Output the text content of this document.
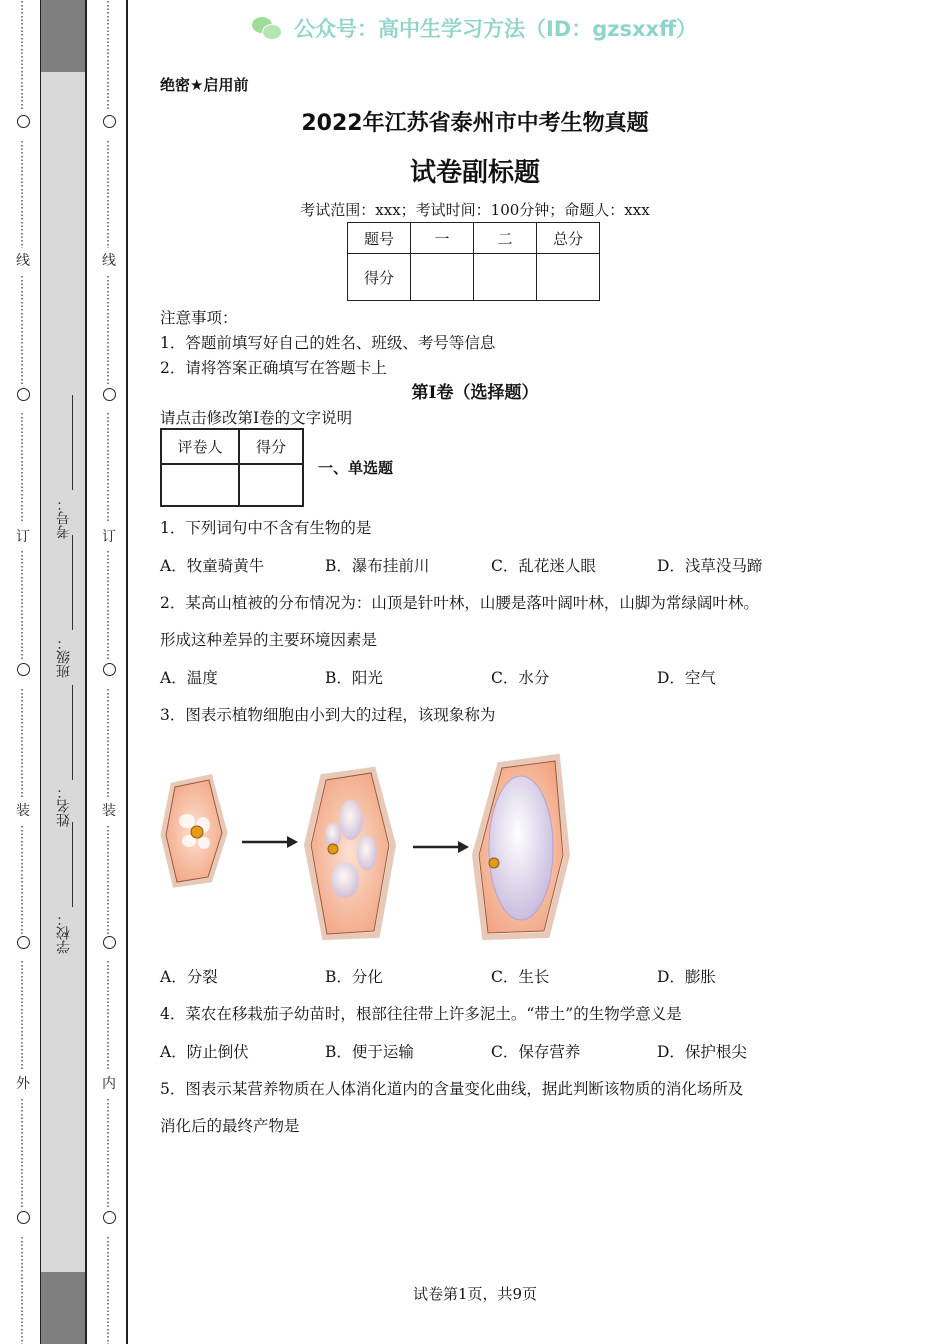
⋮
⋮
⋮
⋮
⋮
⋮
⋮
⋮
⋮
⋮
⋮
⋮
⋮
⋮
⋮
⋮
⋮
⋮
⋮
⋮
线
⋮
⋮
⋮
⋮
⋮
⋮
⋮
⋮
⋮
⋮
⋮
⋮
⋮
⋮
⋮
⋮
⋮
⋮
⋮
⋮
订
⋮
⋮
⋮
⋮
⋮
⋮
⋮
⋮
⋮
⋮
⋮
⋮
⋮
⋮
⋮
⋮
⋮
⋮
⋮
⋮
装
⋮
⋮
⋮
⋮
⋮
⋮
⋮
⋮
⋮
⋮
⋮
⋮
⋮
⋮
⋮
⋮
⋮
⋮
⋮
⋮
外
⋮
⋮
⋮
⋮
⋮
⋮
⋮
⋮
⋮
⋮
⋮
⋮
⋮
⋮
⋮
⋮
⋮
⋮
⋮
⋮
考号：
班级：
姓名：
学校：
⋮
⋮
⋮
⋮
⋮
⋮
⋮
⋮
⋮
⋮
⋮
⋮
⋮
⋮
⋮
⋮
⋮
⋮
⋮
⋮
线
⋮
⋮
⋮
⋮
⋮
⋮
⋮
⋮
⋮
⋮
⋮
⋮
⋮
⋮
⋮
⋮
⋮
⋮
⋮
⋮
订
⋮
⋮
⋮
⋮
⋮
⋮
⋮
⋮
⋮
⋮
⋮
⋮
⋮
⋮
⋮
⋮
⋮
⋮
⋮
⋮
装
⋮
⋮
⋮
⋮
⋮
⋮
⋮
⋮
⋮
⋮
⋮
⋮
⋮
⋮
⋮
⋮
⋮
⋮
⋮
⋮
内
⋮
⋮
⋮
⋮
⋮
⋮
⋮
⋮
⋮
⋮
⋮
⋮
⋮
⋮
⋮
⋮
⋮
⋮
⋮
⋮
公众号：高中生学习方法（ID：gzsxxff）
绝密★启用前
2022年江苏省泰州市中考生物真题
试卷副标题
考试范围：xxx；考试时间：100分钟；命题人：xxx
题号	一	二	总分
得分			
注意事项：
1．答题前填写好自己的姓名、班级、考号等信息
2．请将答案正确填写在答题卡上
第I卷（选择题）
请点击修改第I卷的文字说明
评卷人	得分

一、单选题
1．下列词句中不含有生物的是
A．牧童骑黄牛	B．瀑布挂前川	C．乱花迷人眼	D．浅草没马蹄
2．某高山植被的分布情况为：山顶是针叶林，山腰是落叶阔叶林，山脚为常绿阔叶林。
形成这种差异的主要环境因素是
A．温度	B．阳光	C．水分	D．空气
3．图表示植物细胞由小到大的过程，该现象称为
A．分裂	B．分化	C．生长	D．膨胀
4．菜农在移栽茄子幼苗时，根部往往带上许多泥土。“带土”的生物学意义是
A．防止倒伏	B．便于运输	C．保存营养	D．保护根尖
5．图表示某营养物质在人体消化道内的含量变化曲线，据此判断该物质的消化场所及
消化后的最终产物是
试卷第1页，共9页
